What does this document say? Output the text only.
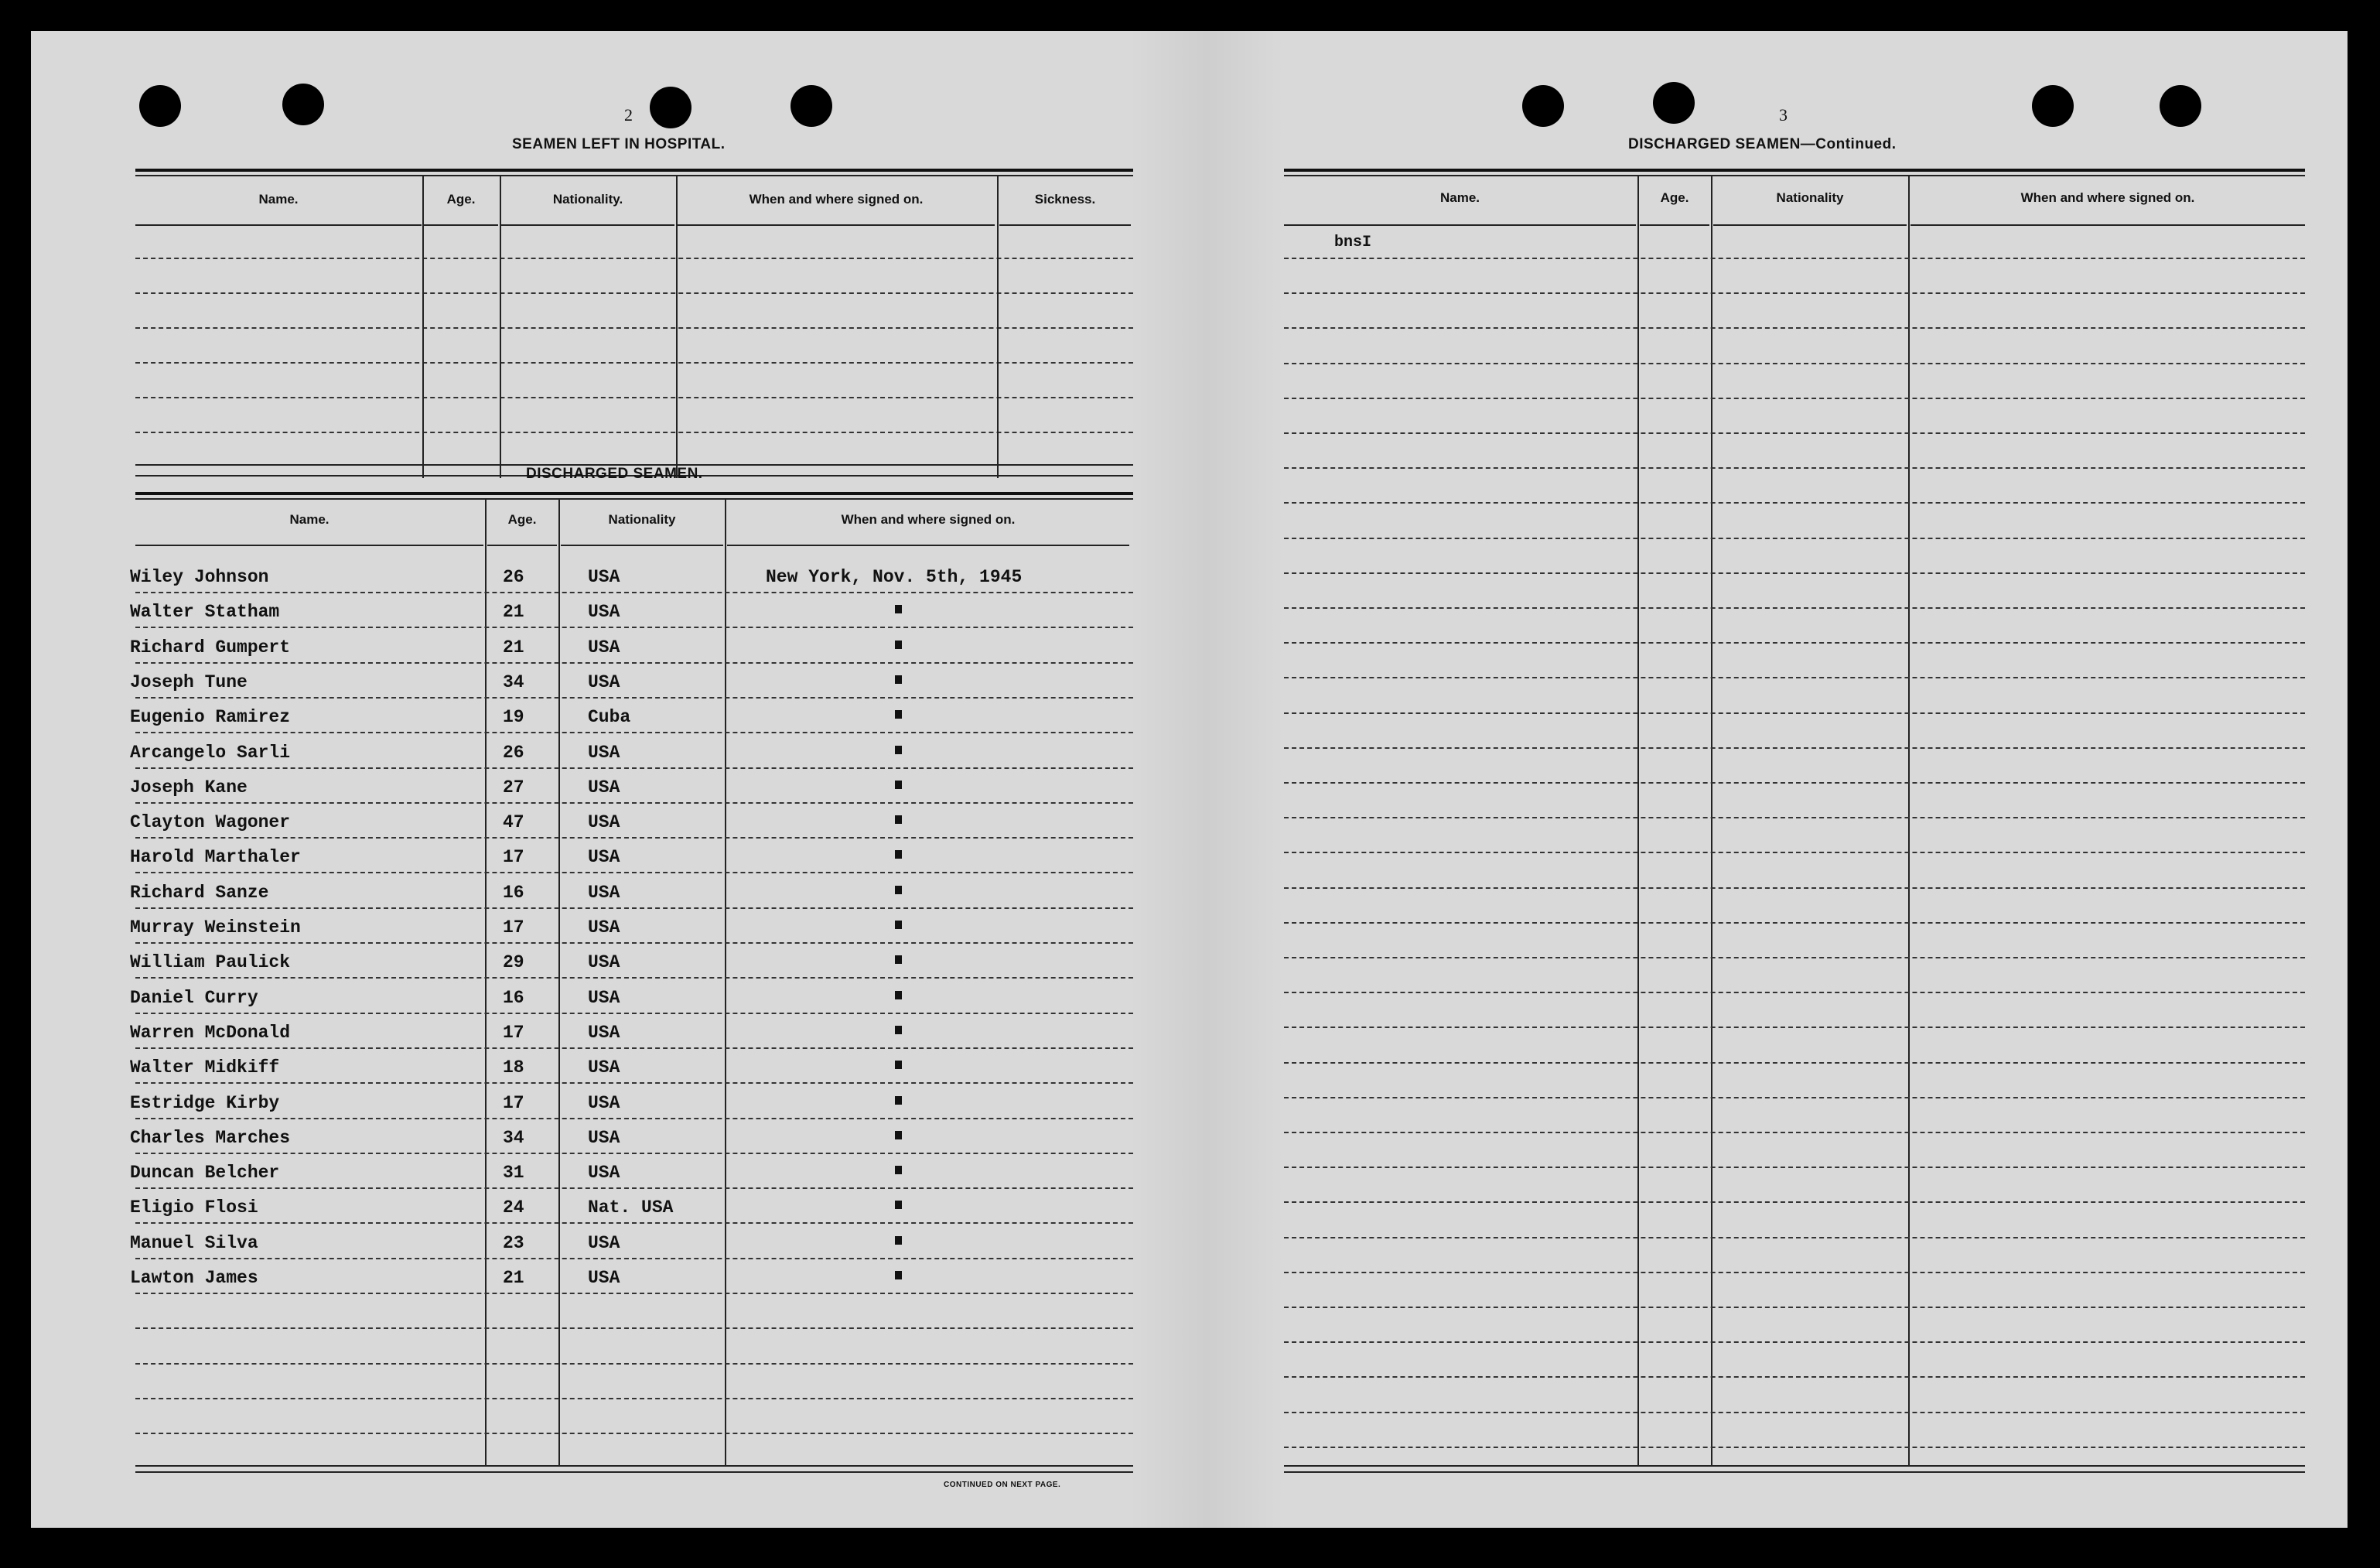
2
SEAMEN LEFT IN HOSPITAL.
Name.	Age.	Nationality.	When and where signed on.	Sickness.
DISCHARGED SEAMEN.
Name.	Age.	Nationality	When and where signed on.
Wiley Johnson	26	USA	New York, Nov. 5th, 1945
Walter Statham	21	USA
Richard Gumpert	21	USA
Joseph Tune	34	USA
Eugenio Ramirez	19	Cuba
Arcangelo Sarli	26	USA
Joseph Kane	27	USA
Clayton Wagoner	47	USA
Harold Marthaler	17	USA
Richard Sanze	16	USA
Murray Weinstein	17	USA
William Paulick	29	USA
Daniel Curry	16	USA
Warren McDonald	17	USA
Walter Midkiff	18	USA
Estridge Kirby	17	USA
Charles Marches	34	USA
Duncan Belcher	31	USA
Eligio Flosi	24	Nat. USA
Manuel Silva	23	USA
Lawton James	21	USA
CONTINUED ON NEXT PAGE.
3
DISCHARGED SEAMEN—Continued.
Name.	Age.	Nationality	When and where signed on.
bnsI
